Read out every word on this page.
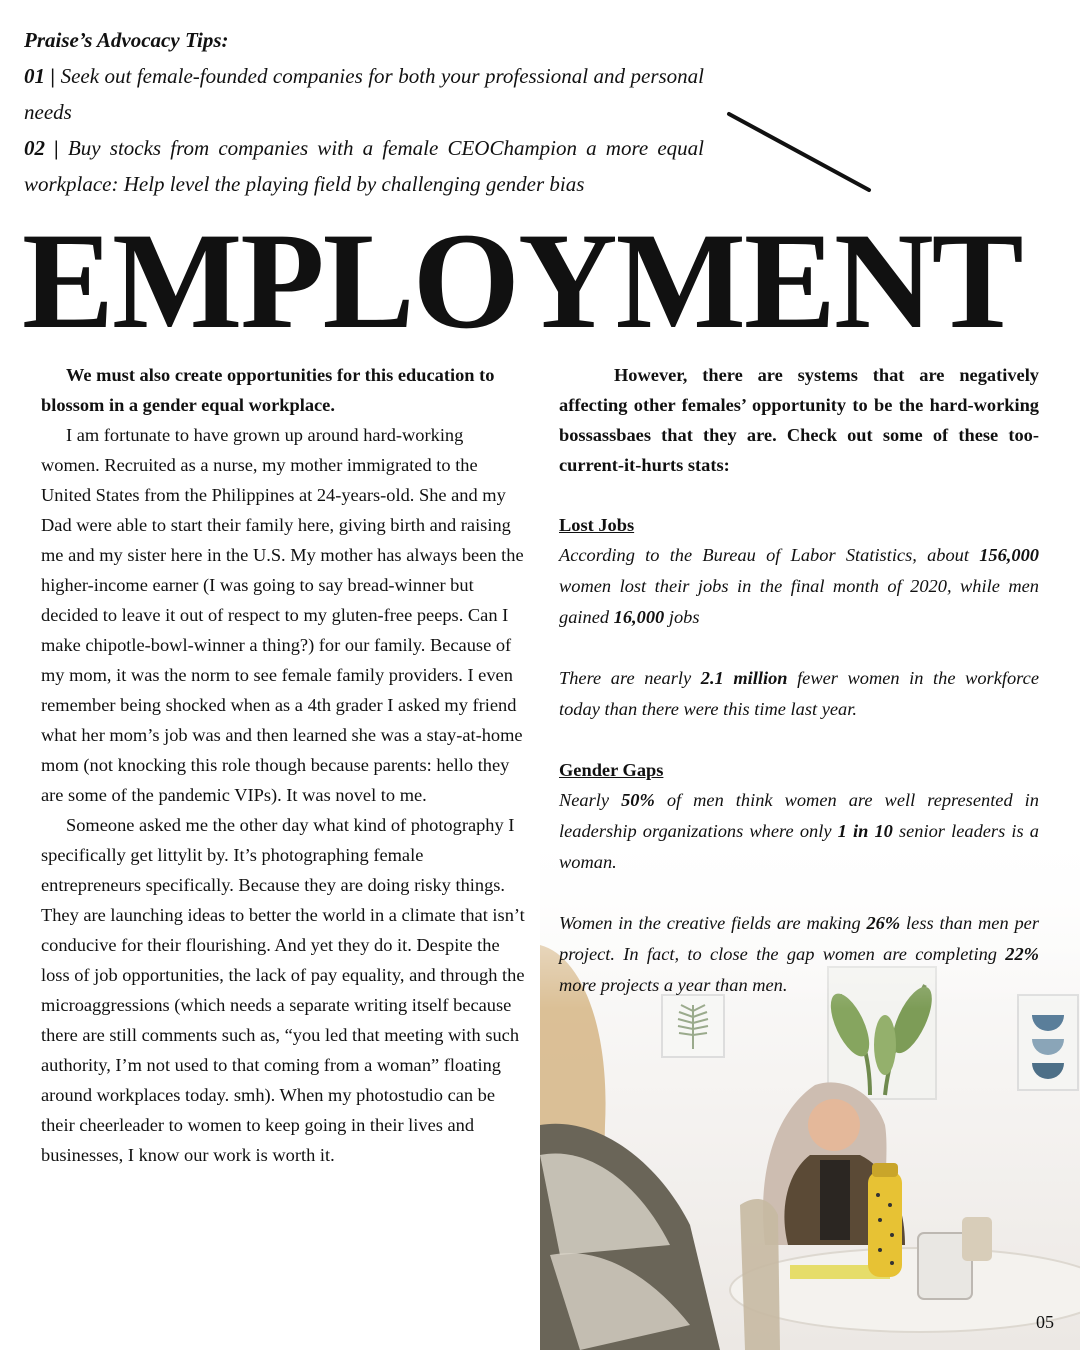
Praise’s Advocacy Tips:

01 | Seek out female-founded companies for both your professional and personal needs

02 | Buy stocks from companies with a female CEOChampion a more equal workplace: Help level the playing field by challenging gender bias

EMPLOYMENT

We must also create opportunities for this education to blossom in a gender equal workplace.

I am fortunate to have grown up around hard-working women. Recruited as a nurse, my mother immigrated to the United States from the Philippines at 24-years-old. She and my Dad were able to start their family here, giving birth and raising me and my sister here in the U.S. My mother has always been the higher-income earner (I was going to say bread-winner but decided to leave it out of respect to my gluten-free peeps. Can I make chipotle-bowl-winner a thing?) for our family. Because of my mom, it was the norm to see female family providers. I even remember being shocked when as a 4th grader I asked my friend what her mom’s job was and then learned she was a stay-at-home mom (not knocking this role though because parents: hello they are some of the pandemic VIPs). It was novel to me.

Someone asked me the other day what kind of photography I specifically get littylit by. It’s photographing female entrepreneurs specifically. Because they are doing risky things. They are launching ideas to better the world in a climate that isn’t conducive for their flourishing. And yet they do it. Despite the loss of job opportunities, the lack of pay equality, and through the microaggressions (which needs a separate writing itself because there are still comments such as, “you led that meeting with such authority, I’m not used to that coming from a woman” floating around workplaces today. smh). When my photostudio can be their cheerleader to women to keep going in their lives and businesses, I know our work is worth it.

However, there are systems that are negatively affecting other females’ opportunity to be the hard-working bossassbaes that they are. Check out some of these too-current-it-hurts stats:

Lost Jobs

According to the Bureau of Labor Statistics, about 156,000 women lost their jobs in the final month of 2020, while men gained 16,000 jobs

There are nearly 2.1 million fewer women in the workforce today than there were this time last year.

Gender Gaps

Nearly 50% of men think women are well represented in leadership organizations where only 1 in 10 senior leaders is a woman.

Women in the creative fields are making 26% less than men per project. In fact, to close the gap women are completing 22% more projects a year than men.

05
